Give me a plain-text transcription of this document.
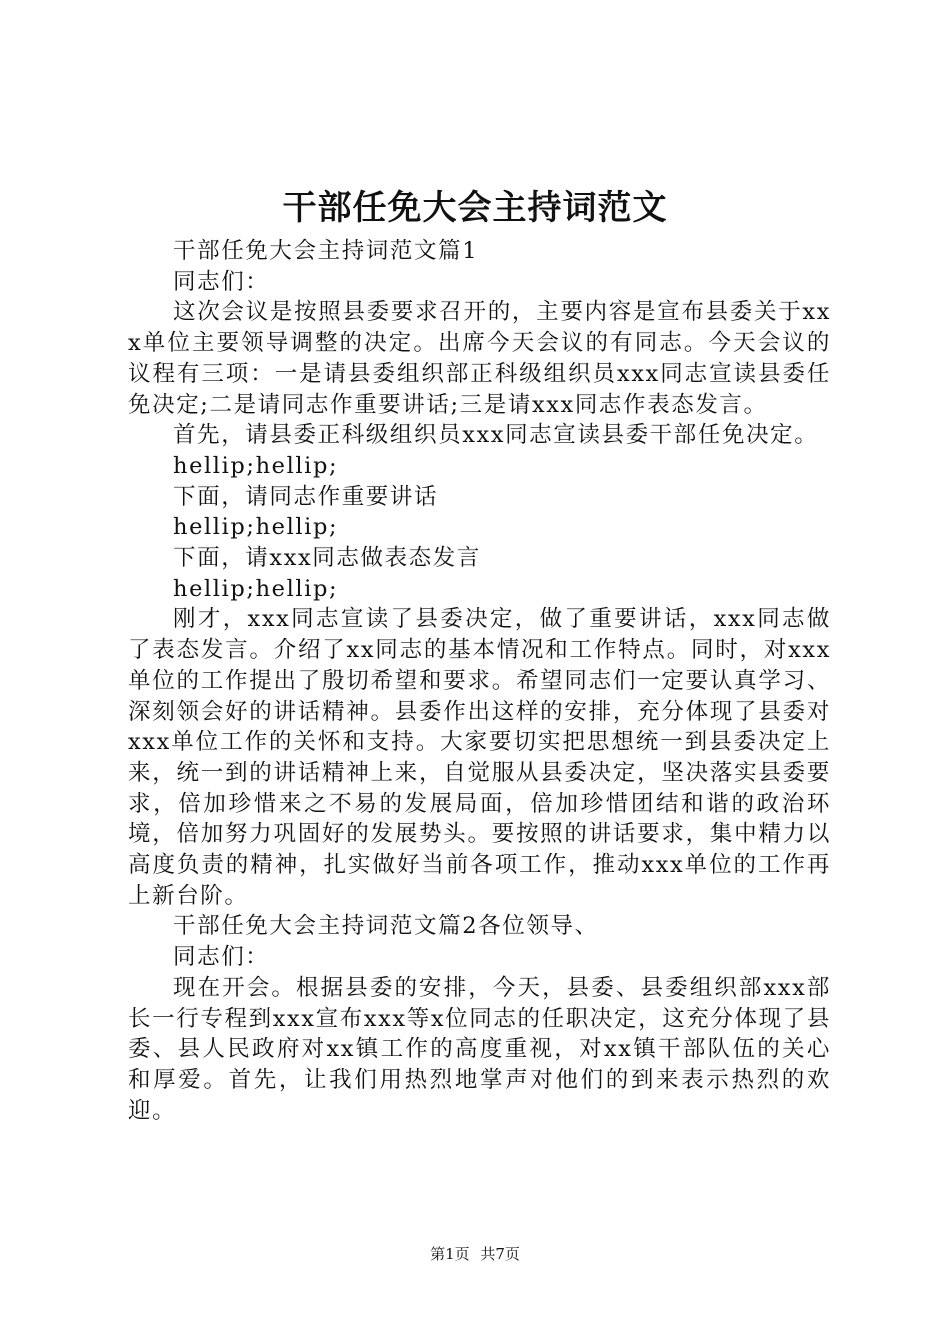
干部任免大会主持词范文

干部任免大会主持词范文篇1

同志们：

这次会议是按照县委要求召开的，主要内容是宣布县委关于xxx单位主要领导调整的决定。出席今天会议的有同志。今天会议的议程有三项：一是请县委组织部正科级组织员xxx同志宣读县委任免决定;二是请同志作重要讲话;三是请xxx同志作表态发言。

首先，请县委正科级组织员xxx同志宣读县委干部任免决定。

hellip;hellip;

下面，请同志作重要讲话

hellip;hellip;

下面，请xxx同志做表态发言

hellip;hellip;

刚才，xxx同志宣读了县委决定，做了重要讲话，xxx同志做了表态发言。介绍了xx同志的基本情况和工作特点。同时，对xxx单位的工作提出了殷切希望和要求。希望同志们一定要认真学习、深刻领会好的讲话精神。县委作出这样的安排，充分体现了县委对xxx单位工作的关怀和支持。大家要切实把思想统一到县委决定上来，统一到的讲话精神上来，自觉服从县委决定，坚决落实县委要求，倍加珍惜来之不易的发展局面，倍加珍惜团结和谐的政治环境，倍加努力巩固好的发展势头。要按照的讲话要求，集中精力以高度负责的精神，扎实做好当前各项工作，推动xxx单位的工作再上新台阶。

干部任免大会主持词范文篇2各位领导、

同志们：

现在开会。根据县委的安排，今天，县委、县委组织部xxx部长一行专程到xxx宣布xxx等x位同志的任职决定，这充分体现了县委、县人民政府对xx镇工作的高度重视，对xx镇干部队伍的关心和厚爱。首先，让我们用热烈地掌声对他们的到来表示热烈的欢迎。

第1页 共7页
